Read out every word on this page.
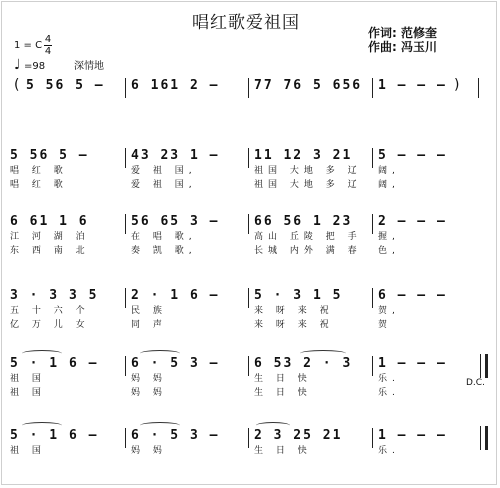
唱红歌爱祖国	作词: 范修奎
作曲: 冯玉川
1 = C
4
4
♩ =98	深情地
( 5 56 5 – 6 161 2 –	77 76 5 656 1 – – – )
5 56 5 –
唱 红 歌
唱 红 歌
43 23 1 –
爱 祖 国,
爱 祖 国,
11 12 3 21
祖国 大地 多 辽
祖国 大地 多 辽
5 – – –
阔,
阔,
6 61 1 6
江 河 湖 泊
东 西 南 北
56 65 3 –
在 唱 歌,
奏 凯 歌,
66 56 1 23
高山 丘陵 把 手
长城 内外 满 春
2 – – –
握,
色,
3 · 3 3 5
五 十 六 个
亿 万 儿 女
2 · 1 6 –
民 族
同 声
5 · 3 1 5
来 呀 来 祝
来 呀 来 祝
6 – – –
贺,
贺
5 · 1 6 –
祖 国
祖 国
6 · 5 3 –
妈 妈
妈 妈
6 53 2 · 3
生 日 快
生 日 快
1 – – –
乐.
乐.
D.C.
5 · 1 6 –
祖 国
6 · 5 3 –
妈 妈
2 3 25 21
生 日 快
1 – – –
乐.
